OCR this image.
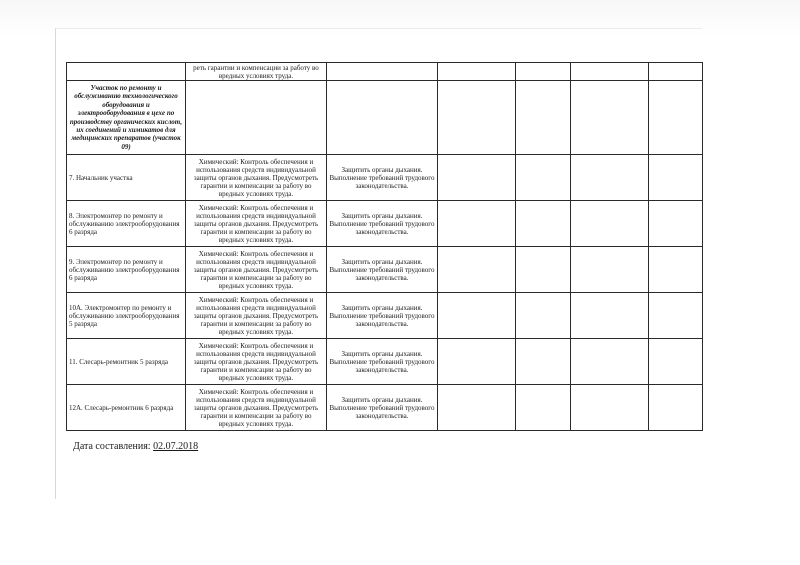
	реть гарантии и компенсации за работу во вредных условиях труда.					
Участок по ремонту и обслуживанию технологического оборудования и электрооборудования в цехе по производству органических кислот, их соединений и химикатов для медицинских препаратов (участок 09)						
7. Начальник участка	Химический: Контроль обеспечения и использования средств индивидуальной защиты органов дыхания. Предусмотреть гарантии и компенсации за работу во вредных условиях труда.	Защитить органы дыхания. Выполнение требований трудового законодательства.				
8. Электромонтер по ремонту и обслуживанию электрооборудования 6 разряда	Химический: Контроль обеспечения и использования средств индивидуальной защиты органов дыхания. Предусмотреть гарантии и компенсации за работу во вредных условиях труда.	Защитить органы дыхания. Выполнение требований трудового законодательства.				
9. Электромонтер по ремонту и обслуживанию электрооборудования 6 разряда	Химический: Контроль обеспечения и использования средств индивидуальной защиты органов дыхания. Предусмотреть гарантии и компенсации за работу во вредных условиях труда.	Защитить органы дыхания. Выполнение требований трудового законодательства.				
10А. Электромонтер по ремонту и обслуживанию электрооборудования 5 разряда	Химический: Контроль обеспечения и использования средств индивидуальной защиты органов дыхания. Предусмотреть гарантии и компенсации за работу во вредных условиях труда.	Защитить органы дыхания. Выполнение требований трудового законодательства.				
11. Слесарь-ремонтник 5 разряда	Химический: Контроль обеспечения и использования средств индивидуальной защиты органов дыхания. Предусмотреть гарантии и компенсации за работу во вредных условиях труда.	Защитить органы дыхания. Выполнение требований трудового законодательства.				
12А. Слесарь-ремонтник 6 разряда	Химический: Контроль обеспечения и использования средств индивидуальной защиты органов дыхания. Предусмотреть гарантии и компенсации за работу во вредных условиях труда.	Защитить органы дыхания. Выполнение требований трудового законодательства.				
Дата составления: 02.07.2018
